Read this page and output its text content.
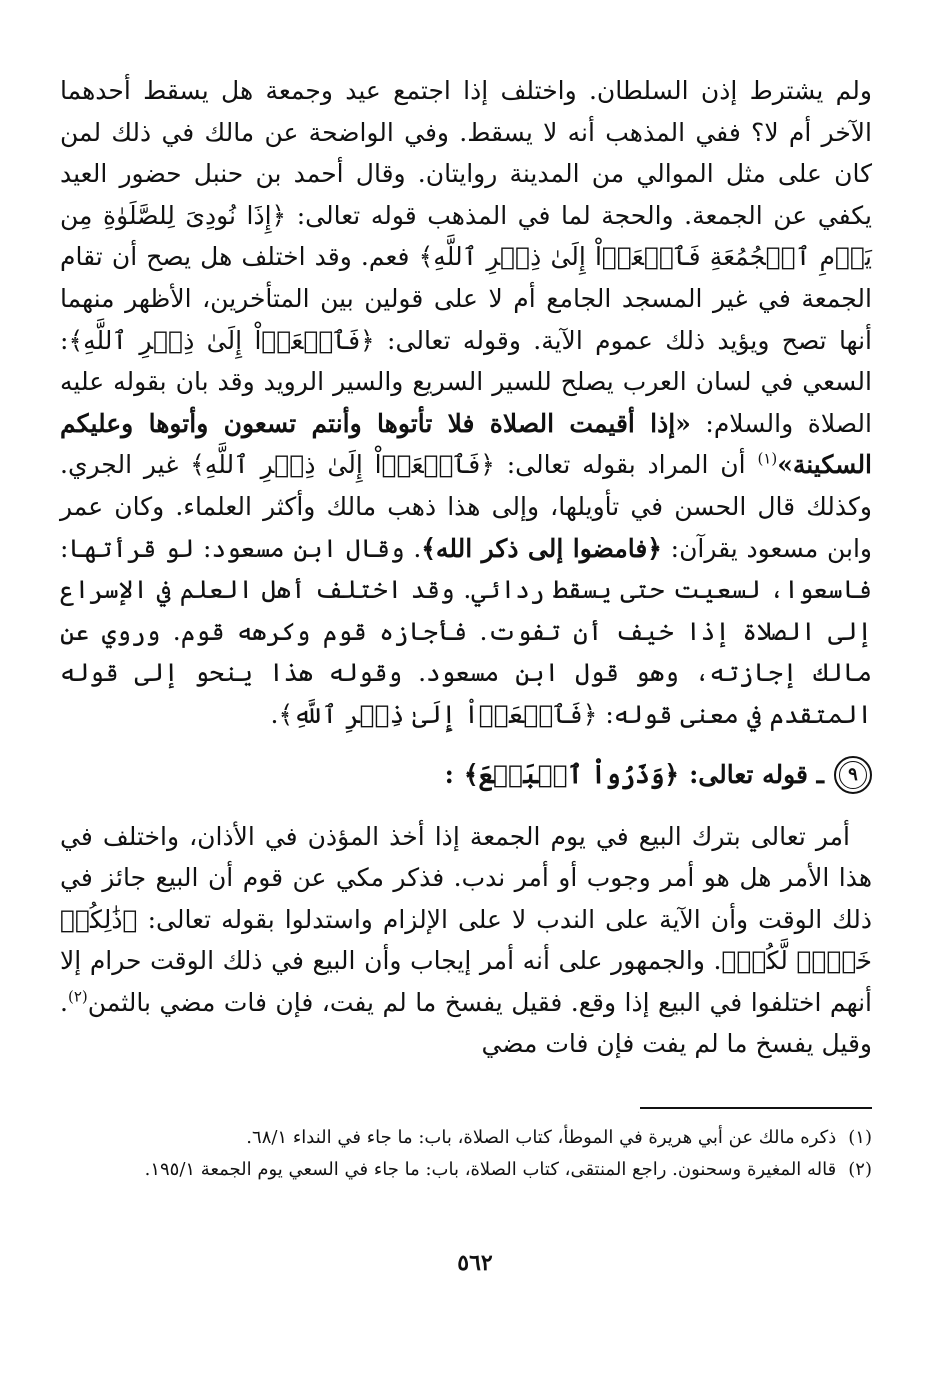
ولم يشترط إذن السلطان. واختلف إذا اجتمع عيد وجمعة هل يسقط أحدهما الآخر أم لا؟ ففي المذهب أنه لا يسقط. وفي الواضحة عن مالك في ذلك لمن كان على مثل الموالي من المدينة روايتان. وقال أحمد بن حنبل حضور العيد يكفي عن الجمعة. والحجة لما في المذهب قوله تعالى: ﴿إِذَا نُودِىَ لِلصَّلَوٰةِ مِن يَوۡمِ ٱلۡجُمُعَةِ فَٱسۡعَوۡاْ إِلَىٰ ذِكۡرِ ٱللَّهِ﴾ فعم. وقد اختلف هل يصح أن تقام الجمعة في غير المسجد الجامع أم لا على قولين بين المتأخرين، الأظهر منهما أنها تصح ويؤيد ذلك عموم الآية. وقوله تعالى: ﴿فَٱسۡعَوۡاْ إِلَىٰ ذِكۡرِ ٱللَّهِ﴾: السعي في لسان العرب يصلح للسير السريع والسير الرويد وقد بان بقوله عليه الصلاة والسلام: «إذا أقيمت الصلاة فلا تأتوها وأنتم تسعون وأتوها وعليكم السكينة»$^{(١)}$ أن المراد بقوله تعالى: ﴿فَٱسۡعَوۡاْ إِلَىٰ ذِكۡرِ ٱللَّهِ﴾ غير الجري. وكذلك قال الحسن في تأويلها، وإلى هذا ذهب مالك وأكثر العلماء. وكان عمر وابن مسعود يقرآن: ﴿فامضوا إلى ذكر الله﴾. وقال ابن مسعود: لو قرأتها: فاسعوا، لسعيت حتى يسقط ردائي. وقد اختلف أهل العلم في الإسراع إلى الصلاة إذا خيف أن تفوت. فأجازه قوم وكرهه قوم. وروي عن مالك إجازته، وهو قول ابن مسعود. وقوله هذا ينحو إلى قوله المتقدم في معنى قوله: ﴿فَٱسۡعَوۡاْ إِلَىٰ ذِكۡرِ ٱللَّهِ﴾.

٩
ـ قوله تعالى:
﴿وَذَرُواْ ٱلۡبَيۡعَ﴾
:

أمر تعالى بترك البيع في يوم الجمعة إذا أخذ المؤذن في الأذان، واختلف في هذا الأمر هل هو أمر وجوب أو أمر ندب. فذكر مكي عن قوم أن البيع جائز في ذلك الوقت وأن الآية على الندب لا على الإلزام واستدلوا بقوله تعالى: ﴿ذَٰلِكُمۡ خَيۡرٞ لَّكُمۡ﴾. والجمهور على أنه أمر إيجاب وأن البيع في ذلك الوقت حرام إلا أنهم اختلفوا في البيع إذا وقع. فقيل يفسخ ما لم يفت، فإن فات مضي بالثمن$^{(٢)}$. وقيل يفسخ ما لم يفت فإن فات مضي

(١)
ذكره مالك عن أبي هريرة في الموطأ، كتاب الصلاة، باب: ما جاء في النداء ٦٨/١.
(٢)
قاله المغيرة وسحنون. راجع المنتقى، كتاب الصلاة، باب: ما جاء في السعي يوم الجمعة ١٩٥/١.
٥٦٢
